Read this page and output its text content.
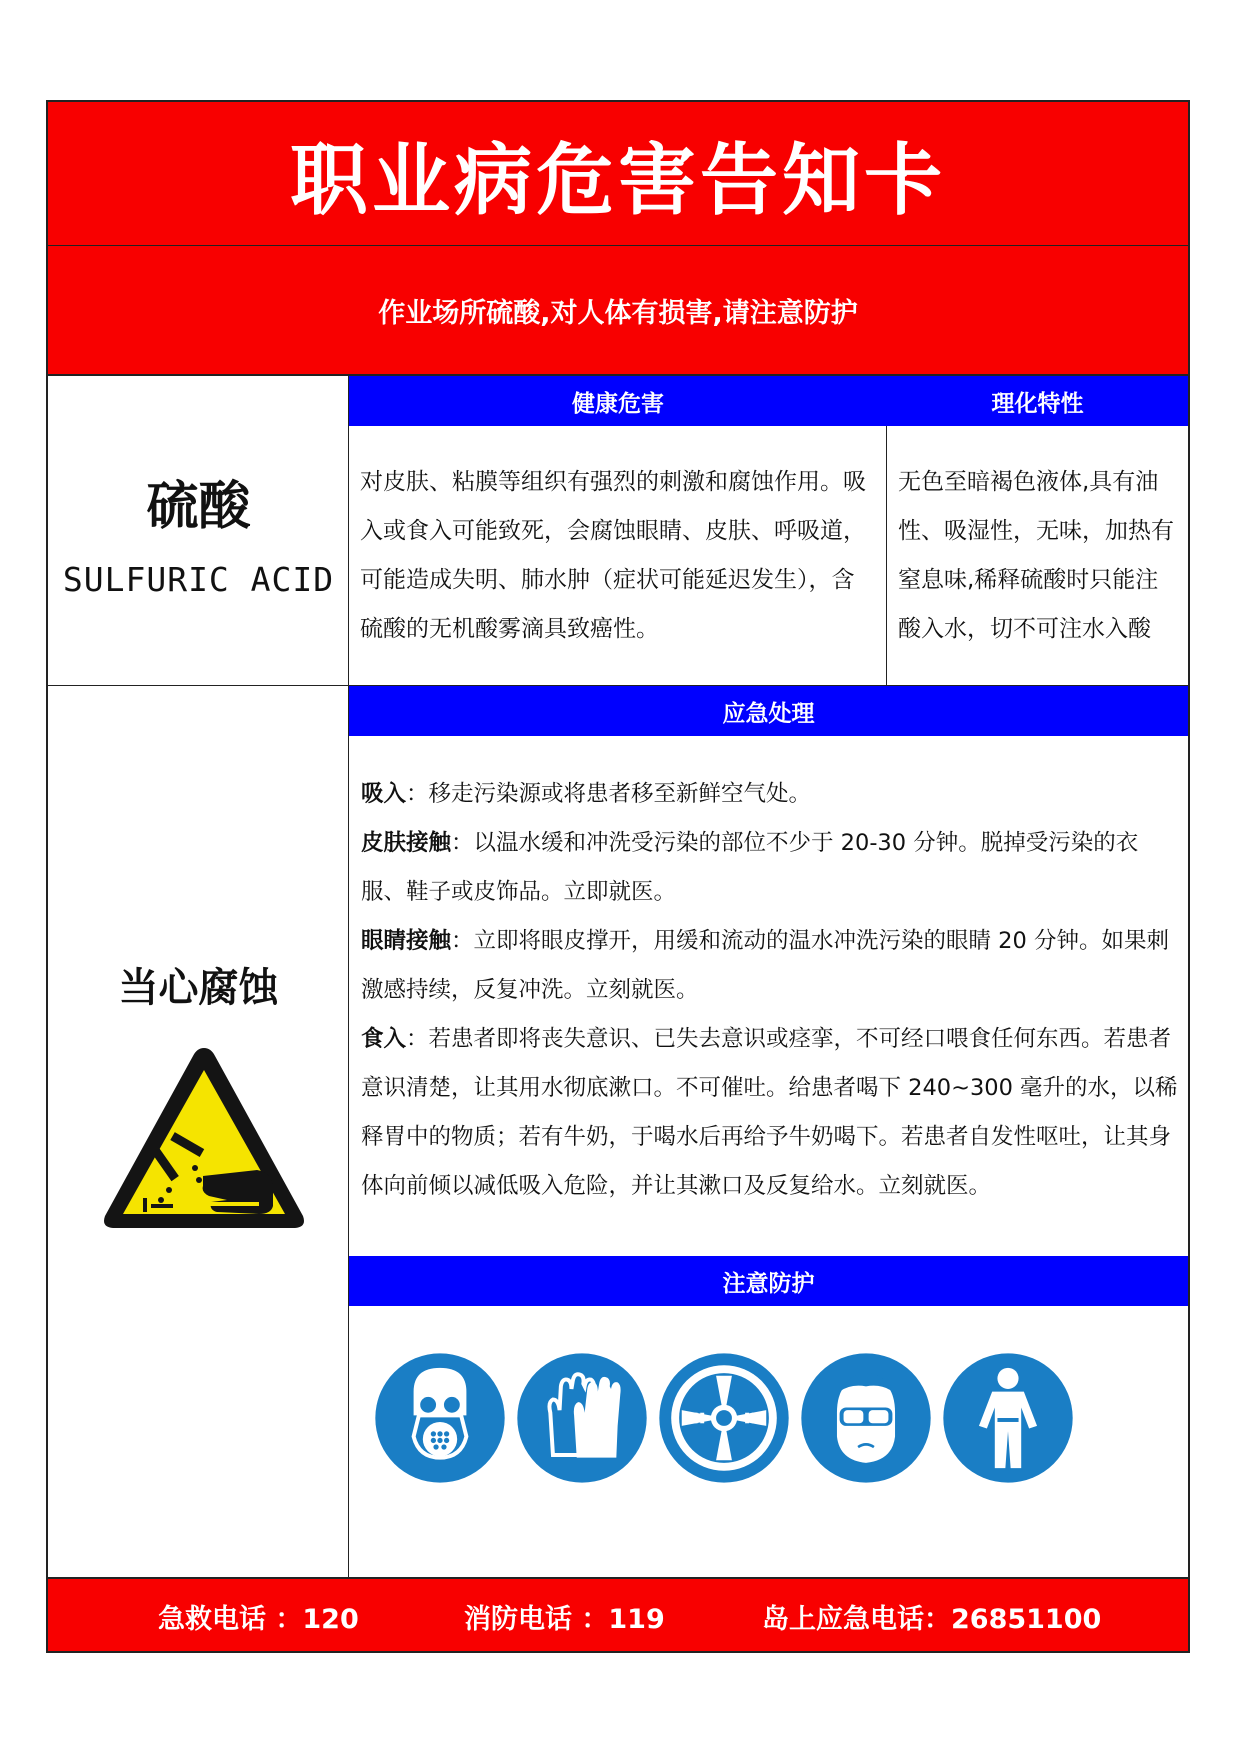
职业病危害告知卡
作业场所硫酸,对人体有损害,请注意防护
硫酸
SULFURIC ACID
健康危害	理化特性
对皮肤、粘膜等组织有强烈的刺激和腐蚀作用。吸入或食入可能致死，会腐蚀眼睛、皮肤、呼吸道，可能造成失明、肺水肿（症状可能延迟发生），含硫酸的无机酸雾滴具致癌性。
无色至暗褐色液体,具有油性、吸湿性，无味，加热有窒息味,稀释硫酸时只能注酸入水，切不可注水入酸
当心腐蚀
应急处理

吸入：移走污染源或将患者移至新鲜空气处。

皮肤接触：以温水缓和冲洗受污染的部位不少于 20-30 分钟。脱掉受污染的衣服、鞋子或皮饰品。立即就医。

眼睛接触：立即将眼皮撑开，用缓和流动的温水冲洗污染的眼睛 20 分钟。如果刺激感持续，反复冲洗。立刻就医。

食入：若患者即将丧失意识、已失去意识或痉挛，不可经口喂食任何东西。若患者意识清楚，让其用水彻底漱口。不可催吐。给患者喝下 240~300 毫升的水，以稀释胃中的物质；若有牛奶，于喝水后再给予牛奶喝下。若患者自发性呕吐，让其身体向前倾以减低吸入危险，并让其漱口及反复给水。立刻就医。

注意防护
急救电话 ：120	消防电话 ：119	岛上应急电话：26851100
